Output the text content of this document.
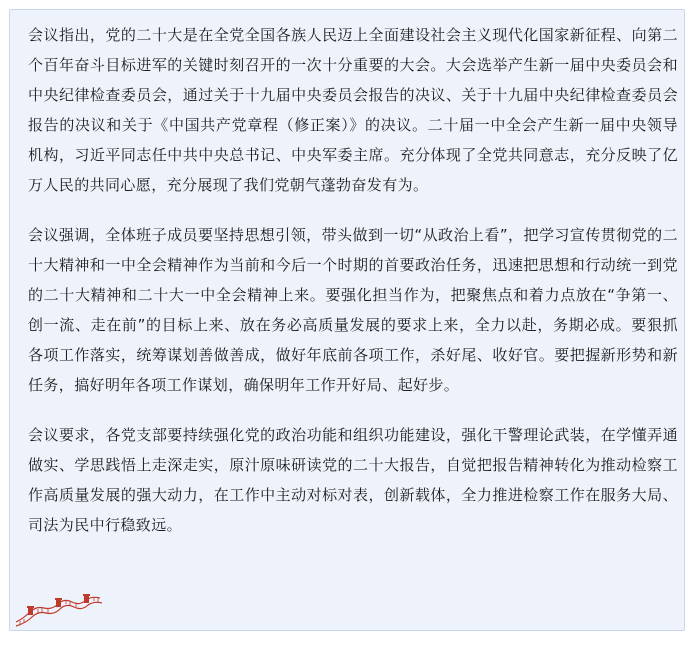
会议指出，党的二十大是在全党全国各族人民迈上全面建设社会主义现代化国家新征程、向第二个百年奋斗目标进军的关键时刻召开的一次十分重要的大会。大会选举产生新一届中央委员会和中央纪律检查委员会，通过关于十九届中央委员会报告的决议、关于十九届中央纪律检查委员会报告的决议和关于《中国共产党章程（修正案）》的决议。二十届一中全会产生新一届中央领导机构，习近平同志任中共中央总书记、中央军委主席。充分体现了全党共同意志，充分反映了亿万人民的共同心愿，充分展现了我们党朝气蓬勃奋发有为。

会议强调，全体班子成员要坚持思想引领，带头做到一切“从政治上看”，把学习宣传贯彻党的二十大精神和一中全会精神作为当前和今后一个时期的首要政治任务，迅速把思想和行动统一到党的二十大精神和二十大一中全会精神上来。要强化担当作为，把聚焦点和着力点放在“争第一、创一流、走在前”的目标上来、放在务必高质量发展的要求上来，全力以赴，务期必成。要狠抓各项工作落实，统筹谋划善做善成，做好年底前各项工作，杀好尾、收好官。要把握新形势和新任务，搞好明年各项工作谋划，确保明年工作开好局、起好步。

会议要求，各党支部要持续强化党的政治功能和组织功能建设，强化干警理论武装，在学懂弄通做实、学思践悟上走深走实，原汁原味研读党的二十大报告，自觉把报告精神转化为推动检察工作高质量发展的强大动力，在工作中主动对标对表，创新载体，全力推进检察工作在服务大局、司法为民中行稳致远。
